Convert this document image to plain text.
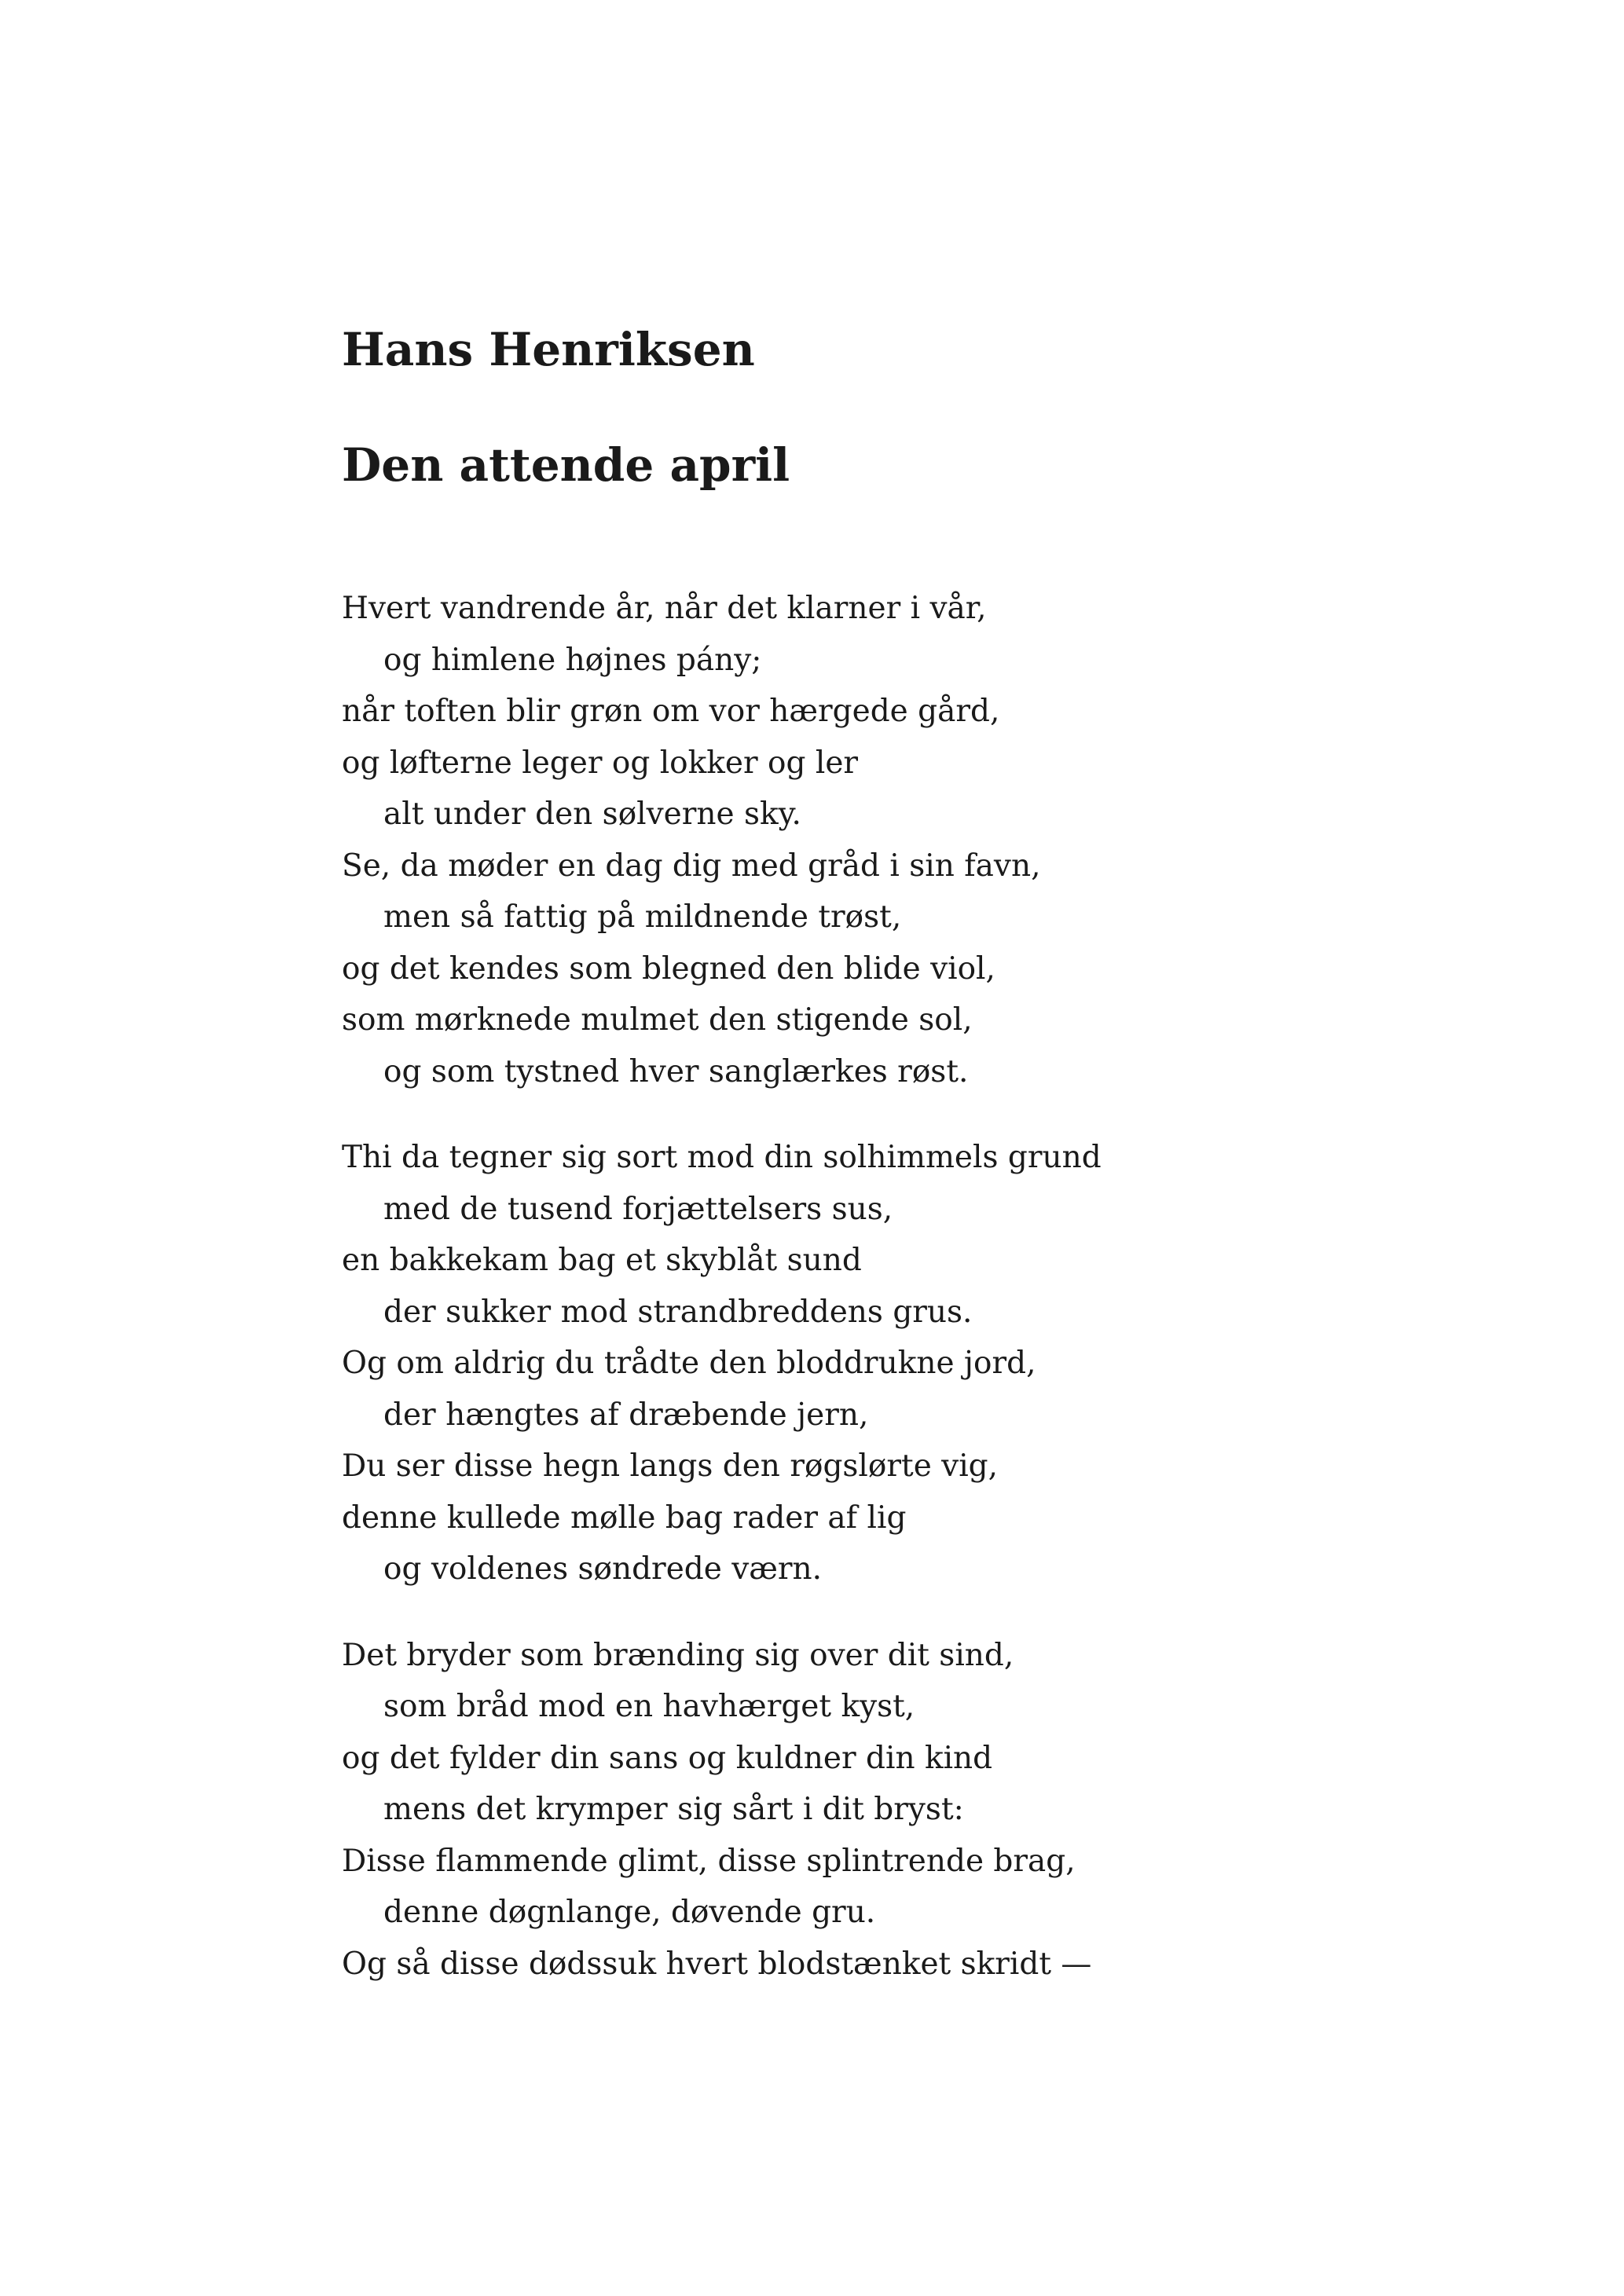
Hans Henriksen
Den attende april
Hvert vandrende år, når det klarner i vår,
og himlene højnes pány;
når toften blir grøn om vor hærgede gård,
og løfterne leger og lokker og ler
alt under den sølverne sky.
Se, da møder en dag dig med gråd i sin favn,
men så fattig på mildnende trøst,
og det kendes som blegned den blide viol,
som mørknede mulmet den stigende sol,
og som tystned hver sanglærkes røst.
Thi da tegner sig sort mod din solhimmels grund
med de tusend forjættelsers sus,
en bakkekam bag et skyblåt sund
der sukker mod strandbreddens grus.
Og om aldrig du trådte den bloddrukne jord,
der hængtes af dræbende jern,
Du ser disse hegn langs den røgslørte vig,
denne kullede mølle bag rader af lig
og voldenes søndrede værn.
Det bryder som brænding sig over dit sind,
som bråd mod en havhærget kyst,
og det fylder din sans og kuldner din kind
mens det krymper sig sårt i dit bryst:
Disse flammende glimt, disse splintrende brag,
denne døgnlange, døvende gru.
Og så disse dødssuk hvert blodstænket skridt —
